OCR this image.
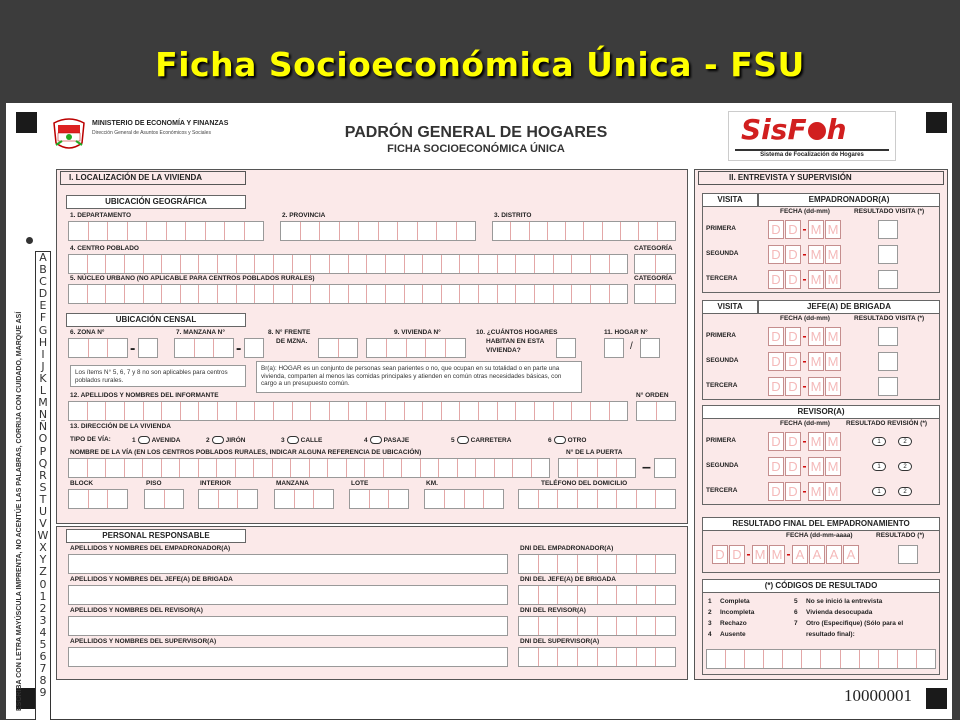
Ficha Socioeconómica Única - FSU
MINISTERIO DE ECONOMÍA Y FINANZAS
Dirección General de Asuntos Económicos y Sociales	PADRÓN GENERAL DE HOGARES
FICHA SOCIOECONÓMICA ÚNICA
SisF h
Sistema de Focalización de Hogares
ESCRIBA CON LETRA MAYÚSCULA IMPRENTA, NO ACENTÚE LAS PALABRAS, CORRIJA CON CUIDADO, MARQUE ASÍ
A
B
C
D
E
F
G
H
I
J
K
L
M
N
Ñ
O
P
Q
R
S
T
U
V
W
X
Y
Z
0
1
2
3
4
5
6
7
8
9
I. LOCALIZACIÓN DE LA VIVIENDA
UBICACIÓN GEOGRÁFICA
1. DEPARTAMENTO	2. PROVINCIA	3. DISTRITO
4. CENTRO POBLADO	CATEGORÍA
5. NÚCLEO URBANO (NO APLICABLE PARA CENTROS POBLADOS RURALES)	CATEGORÍA
UBICACIÓN CENSAL
6. ZONA N°	7. MANZANA N°	8. N° FRENTE
DE MZNA.
9. VIVIENDA N°	10. ¿CUÁNTOS HOGARES
HABITAN EN ESTA
VIVIENDA?
11. HOGAR N°
-	-	/
Los ítems N° 5, 6, 7 y 8 no son aplicables para centros poblados rurales.
Br(a): HOGAR es un conjunto de personas sean parientes o no, que ocupan en su totalidad o en parte una vivienda, comparten al menos las comidas principales y atienden en común otras necesidades básicas, con cargo a un presupuesto común.
12. APELLIDOS Y NOMBRES DEL INFORMANTE	N° ORDEN
13. DIRECCIÓN DE LA VIVIENDA
TIPO DE VÍA:	1 AVENIDA	2 JIRÓN	3 CALLE	4 PASAJE	5 CARRETERA	6 OTRO
NOMBRE DE LA VÍA (EN LOS CENTROS POBLADOS RURALES, INDICAR ALGUNA REFERENCIA DE UBICACIÓN)	N° DE LA PUERTA
–
BLOCK	PISO	INTERIOR	MANZANA	LOTE	KM.	TELÉFONO DEL DOMICILIO
PERSONAL RESPONSABLE
APELLIDOS Y NOMBRES DEL EMPADRONADOR(A)	DNI DEL EMPADRONADOR(A)
APELLIDOS Y NOMBRES DEL JEFE(A) DE BRIGADA	DNI DEL JEFE(A) DE BRIGADA
APELLIDOS Y NOMBRES DEL REVISOR(A)	DNI DEL REVISOR(A)
APELLIDOS Y NOMBRES DEL SUPERVISOR(A)	DNI DEL SUPERVISOR(A)
II. ENTREVISTA Y SUPERVISIÓN
VISITA	EMPADRONADOR(A)
FECHA (dd-mm)	RESULTADO VISITA (*)
PRIMERA	D D - M M
SEGUNDA	D D - M M
TERCERA	D D - M M
VISITA	JEFE(A) DE BRIGADA
FECHA (dd-mm)	RESULTADO VISITA (*)
PRIMERA	D D - M M
SEGUNDA	D D - M M
TERCERA	D D - M M
REVISOR(A)
FECHA (dd-mm) RESULTADO REVISIÓN (*)
PRIMERA	D D - M M	1	2
SEGUNDA	D D - M M	1	2
TERCERA	D D - M M	1	2
RESULTADO FINAL DEL EMPADRONAMIENTO
FECHA (dd-mm-aaaa)	RESULTADO (*)
D D - M M - A A A A
(*) CÓDIGOS DE RESULTADO
1 Completa
2 Incompleta
3 Rechazo
4 Ausente
5 No se inició la entrevista
6 Vivienda desocupada
7 Otro (Especifique) (Sólo para el
resultado final):
10000001
